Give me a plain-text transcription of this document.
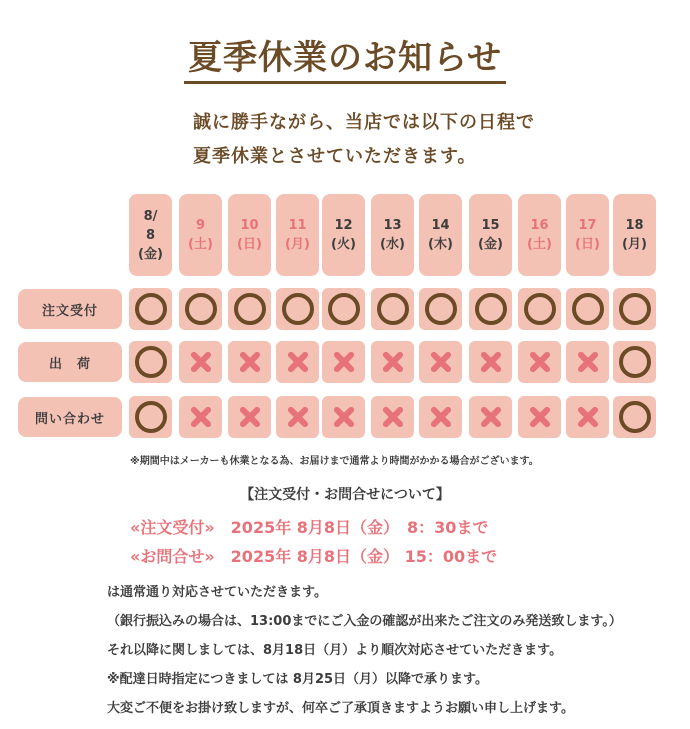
夏季休業のお知らせ
誠に勝手ながら、当店では以下の日程で
夏季休業とさせていただきます。
8/
8
(金)
9
(土)
10
(日)
11
(月)
12
(火)
13
(水)
14
(木)
15
(金)
16
(土)
17
(日)
18
(月)
注文受付
出　荷
問い合わせ
※期間中はメーカーも休業となる為、お届けまで通常より時間がかかる場合がございます。
【注文受付・お問合せについて】
«注文受付»　2025年 8月8日（金）　8：30まで
«お問合せ»　2025年 8月8日（金） 15：00まで
は通常通り対応させていただきます。
（銀行振込みの場合は、13:00までにご入金の確認が出来たご注文のみ発送致します。）
それ以降に関しましては、8月18日（月）より順次対応させていただきます。
※配達日時指定につきましては 8月25日（月）以降で承ります。
大変ご不便をお掛け致しますが、何卒ご了承頂きますようお願い申し上げます。
